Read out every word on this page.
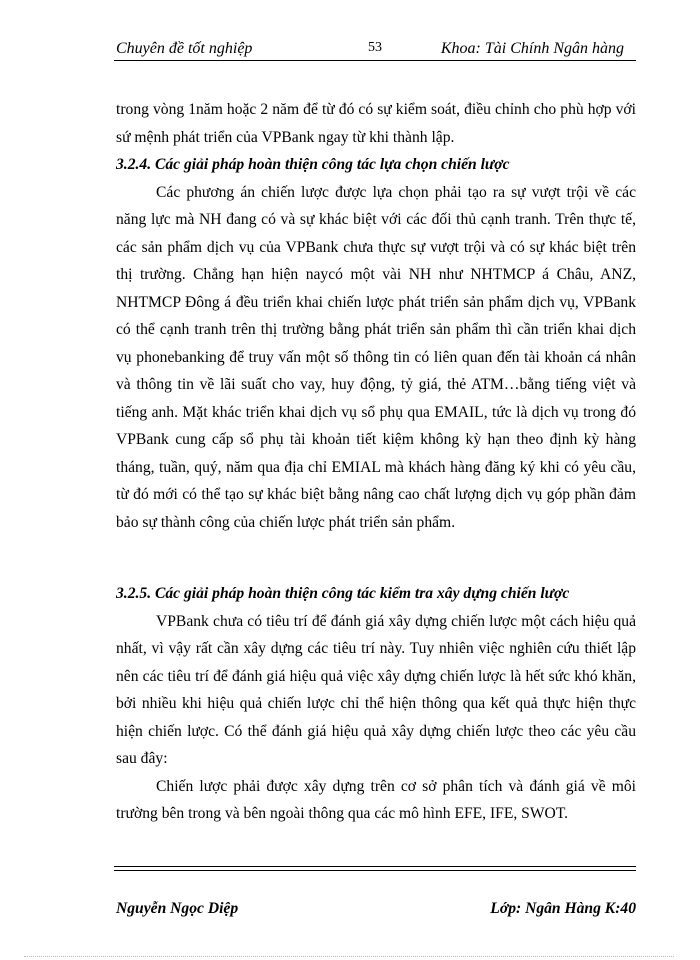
Chuyên đề tốt nghiệp	53	Khoa: Tài Chính Ngân hàng

trong vòng 1năm hoặc 2 năm để từ đó có sự kiểm soát, điều chỉnh cho phù hợp với sứ mệnh phát triển của VPBank ngay từ khi thành lập.

3.2.4. Các giải pháp hoàn thiện công tác lựa chọn chiến lược

Các phương án chiến lược được lựa chọn phải tạo ra sự vượt trội về các năng lực mà NH đang có và sự khác biệt với các đối thủ cạnh tranh. Trên thực tế, các sản phẩm dịch vụ của VPBank chưa thực sự vượt trội và có sự khác biệt trên thị trường. Chẳng hạn hiện naycó một vài NH như NHTMCP á Châu, ANZ, NHTMCP Đông á đều triển khai chiến lược phát triển sản phẩm dịch vụ, VPBank có thể cạnh tranh trên thị trường bằng phát triển sản phẩm thì cần triển khai dịch vụ phonebanking để truy vấn một số thông tin có liên quan đến tài khoản cá nhân và thông tin về lãi suất cho vay, huy động, tỷ giá, thẻ ATM…bằng tiếng việt và tiếng anh. Mặt khác triển khai dịch vụ sổ phụ qua EMAIL, tức là dịch vụ trong đó VPBank cung cấp sổ phụ tài khoản tiết kiệm không kỳ hạn theo định kỳ hàng tháng, tuần, quý, năm qua địa chỉ EMIAL mà khách hàng đăng ký khi có yêu cầu, từ đó mới có thể tạo sự khác biệt bằng nâng cao chất lượng dịch vụ góp phần đảm bảo sự thành công của chiến lược phát triển sản phẩm.

3.2.5. Các giải pháp hoàn thiện công tác kiểm tra xây dựng chiến lược

VPBank chưa có tiêu trí để đánh giá xây dựng chiến lược một cách hiệu quả nhất, vì vậy rất cần xây dựng các tiêu trí này. Tuy nhiên việc nghiên cứu thiết lập nên các tiêu trí để đánh giá hiệu quả việc xây dựng chiến lược là hết sức khó khăn, bởi nhiều khi hiệu quả chiến lược chỉ thể hiện thông qua kết quả thực hiện thực hiện chiến lược. Có thể đánh giá hiệu quả xây dựng chiến lược theo các yêu cầu sau đây:

Chiến lược phải được xây dựng trên cơ sở phân tích và đánh giá về môi trường bên trong và bên ngoài thông qua các mô hình EFE, IFE, SWOT.

Nguyễn Ngọc Diệp	Lớp: Ngân Hàng K:40
